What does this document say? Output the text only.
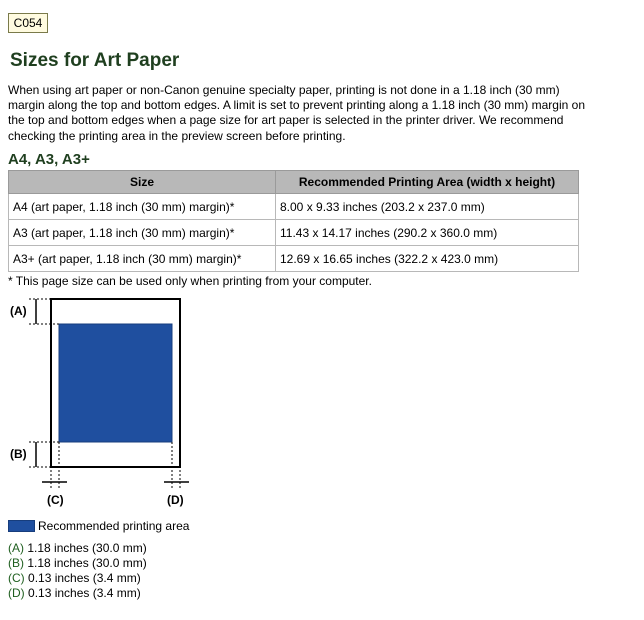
C054
Sizes for Art Paper

When using art paper or non-Canon genuine specialty paper, printing is not done in a 1.18 inch (30 mm) margin along the top and bottom edges. A limit is set to prevent printing along a 1.18 inch (30 mm) margin on the top and bottom edges when a page size for art paper is selected in the printer driver. We recommend checking the printing area in the preview screen before printing.

A4, A3, A3+
Size	Recommended Printing Area (width x height)
A4 (art paper, 1.18 inch (30 mm) margin)*	8.00 x 9.33 inches (203.2 x 237.0 mm)
A3 (art paper, 1.18 inch (30 mm) margin)*	11.43 x 14.17 inches (290.2 x 360.0 mm)
A3+ (art paper, 1.18 inch (30 mm) margin)*	12.69 x 16.65 inches (322.2 x 423.0 mm)

* This page size can be used only when printing from your computer.

(A)
(B)
(C)	(D)
Recommended printing area
(A) 1.18 inches (30.0 mm)
(B) 1.18 inches (30.0 mm)
(C) 0.13 inches (3.4 mm)
(D) 0.13 inches (3.4 mm)
